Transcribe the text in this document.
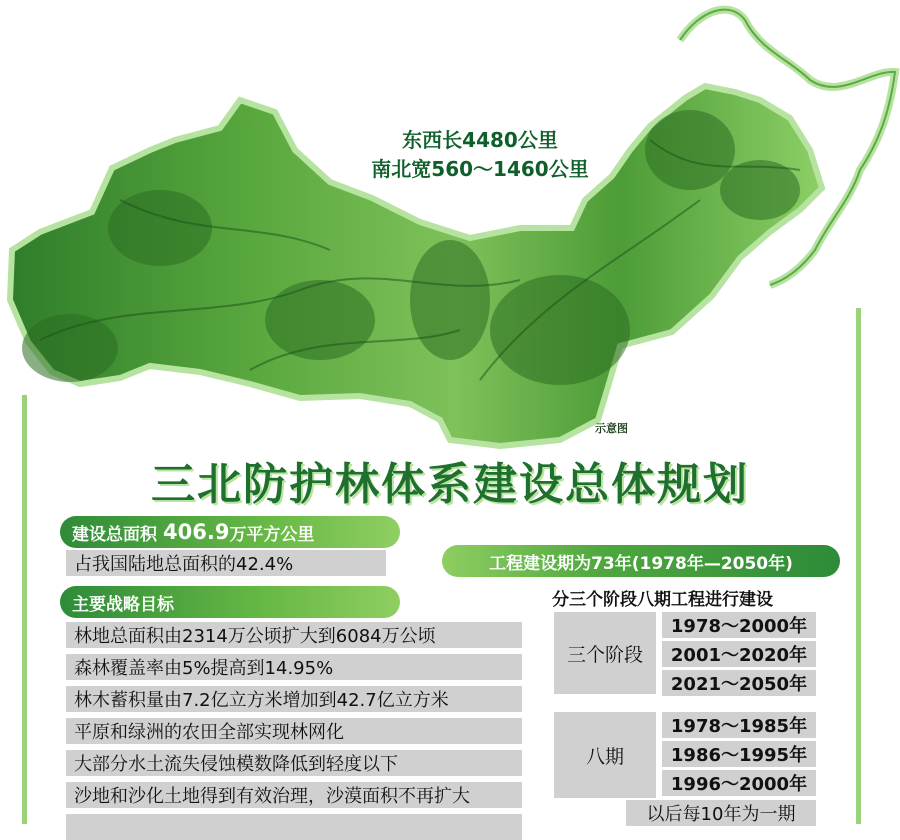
东西长4480公里
南北宽560～1460公里
示意图
三北防护林体系建设总体规划
建设总面积 406.9 万平方公里
占我国陆地总面积的42.4%	工程建设期为73年(1978年—2050年)
主要战略目标
林地总面积由2314万公顷扩大到6084万公顷
森林覆盖率由5%提高到14.95%
林木蓄积量由7.2亿立方米增加到42.7亿立方米
平原和绿洲的农田全部实现林网化
大部分水土流失侵蚀模数降低到轻度以下
沙地和沙化土地得到有效治理，沙漠面积不再扩大
分三个阶段八期工程进行建设
三个阶段
1978～2000年
2001～2020年
2021～2050年
八期
1978～1985年
1986～1995年
1996～2000年
以后每10年为一期
